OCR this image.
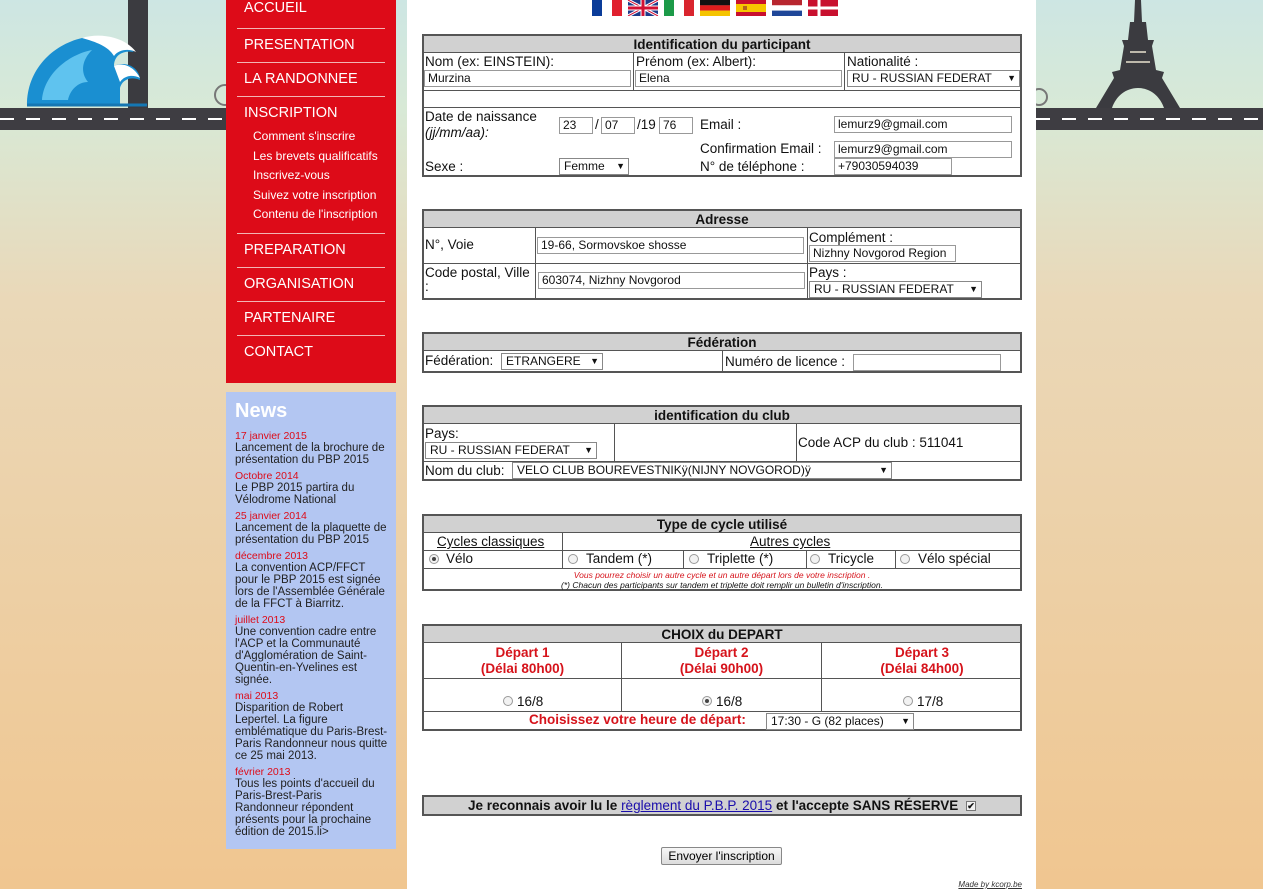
ACCUEIL
PRESENTATION
LA RANDONNEE
INSCRIPTION
Comment s'inscrire
Les brevets qualificatifs
Inscrivez-vous
Suivez votre inscription
Contenu de l'inscription
PREPARATION
ORGANISATION
PARTENAIRE
CONTACT
News
17 janvier 2015
Lancement de la brochure de présentation du PBP 2015
Octobre 2014
Le PBP 2015 partira du Vélodrome National
25 janvier 2014
Lancement de la plaquette de présentation du PBP 2015
décembre 2013
La convention ACP/FFCT pour le PBP 2015 est signée lors de l'Assemblée Générale de la FFCT à Biarritz.
juillet 2013
Une convention cadre entre l'ACP et la Communauté d'Agglomération de Saint-Quentin-en-Yvelines est signée.
mai 2013
Disparition de Robert Lepertel. La figure emblématique du Paris-Brest-Paris Randonneur nous quitte ce 25 mai 2013.
février 2013
Tous les points d'accueil du Paris-Brest-Paris Randonneur répondent présents pour la prochaine édition de 2015.li>
Identification du participant
Nom (ex: EINSTEIN):
Murzina
Prénom (ex: Albert):
Elena
Nationalité :
RU - RUSSIAN FEDERAT ▼
Date de naissance
(jj/mm/aa):	23	/ 07	/19 76	Email :	lemurz9@gmail.com
Confirmation Email :	lemurz9@gmail.com
Sexe :	Femme ▼	N° de téléphone :	+79030594039
Adresse
N°, Voie	19-66, Sormovskoe shosse	Complément :
Nizhny Novgorod Region
Code postal, Ville
:	603074, Nizhny Novgorod	Pays :
RU - RUSSIAN FEDERAT ▼
Fédération
Fédération:	ETRANGERE ▼	Numéro de licence :
identification du club
Pays:
RU - RUSSIAN FEDERAT ▼	Code ACP du club : 511041
Nom du club:	VELO CLUB BOUREVESTNIKÿ(NIJNY NOVGOROD)ÿ ▼
Type de cycle utilisé
Cycles classiques	Autres cycles
Vélo	Tandem (*)	Triplette (*)	Tricycle	Vélo spécial
Vous pourrez choisir un autre cycle et un autre départ lors de votre inscription .
(*) Chacun des participants sur tandem et triplette doit remplir un bulletin d'inscription.
CHOIX du DEPART
Départ 1
(Délai 80h00)
Départ 2
(Délai 90h00)
Départ 3
(Délai 84h00)
16/8	16/8	17/8
Choisissez votre heure de départ:	17:30 - G (82 places) ▼
Je reconnais avoir lu le règlement du P.B.P. 2015 et l'accepte SANS RÉSERVE ✔
Envoyer l'inscription
Made by kcorp.be
